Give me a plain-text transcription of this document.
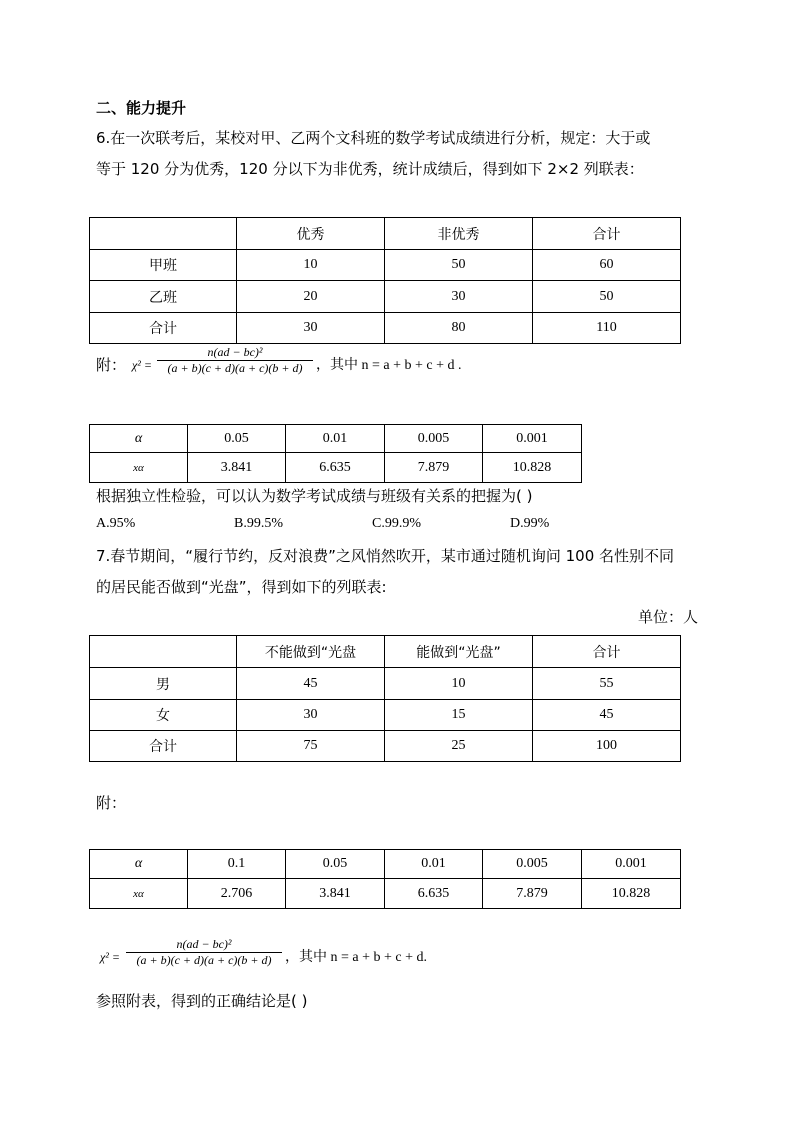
二、能力提升
6.在一次联考后，某校对甲、乙两个文科班的数学考试成绩进行分析，规定：大于或
等于 120 分为优秀，120 分以下为非优秀，统计成绩后，得到如下 2×2 列联表：
	优秀	非优秀	合计
甲班	10	50	60
乙班	20	30	50
合计	30	80	110
附： χ² =
n(ad − bc)²
(a + b)(c + d)(a + c)(b + d) ，其中 n = a + b + c + d .
α	0.05	0.01	0.005	0.001
xα	3.841	6.635	7.879	10.828
根据独立性检验，可以认为数学考试成绩与班级有关系的把握为( )
A.95%	B.99.5%	C.99.9%	D.99%
7.春节期间，“履行节约，反对浪费”之风悄然吹开，某市通过随机询问 100 名性别不同
的居民能否做到“光盘”，得到如下的列联表:
单位：人
	不能做到“光盘	能做到“光盘”	合计
男	45	10	55
女	30	15	45
合计	75	25	100
附：
α	0.1	0.05	0.01	0.005	0.001
xα	2.706	3.841	6.635	7.879	10.828
χ² =
n(ad − bc)²
(a + b)(c + d)(a + c)(b + d) ，其中 n = a + b + c + d.
参照附表，得到的正确结论是( )
